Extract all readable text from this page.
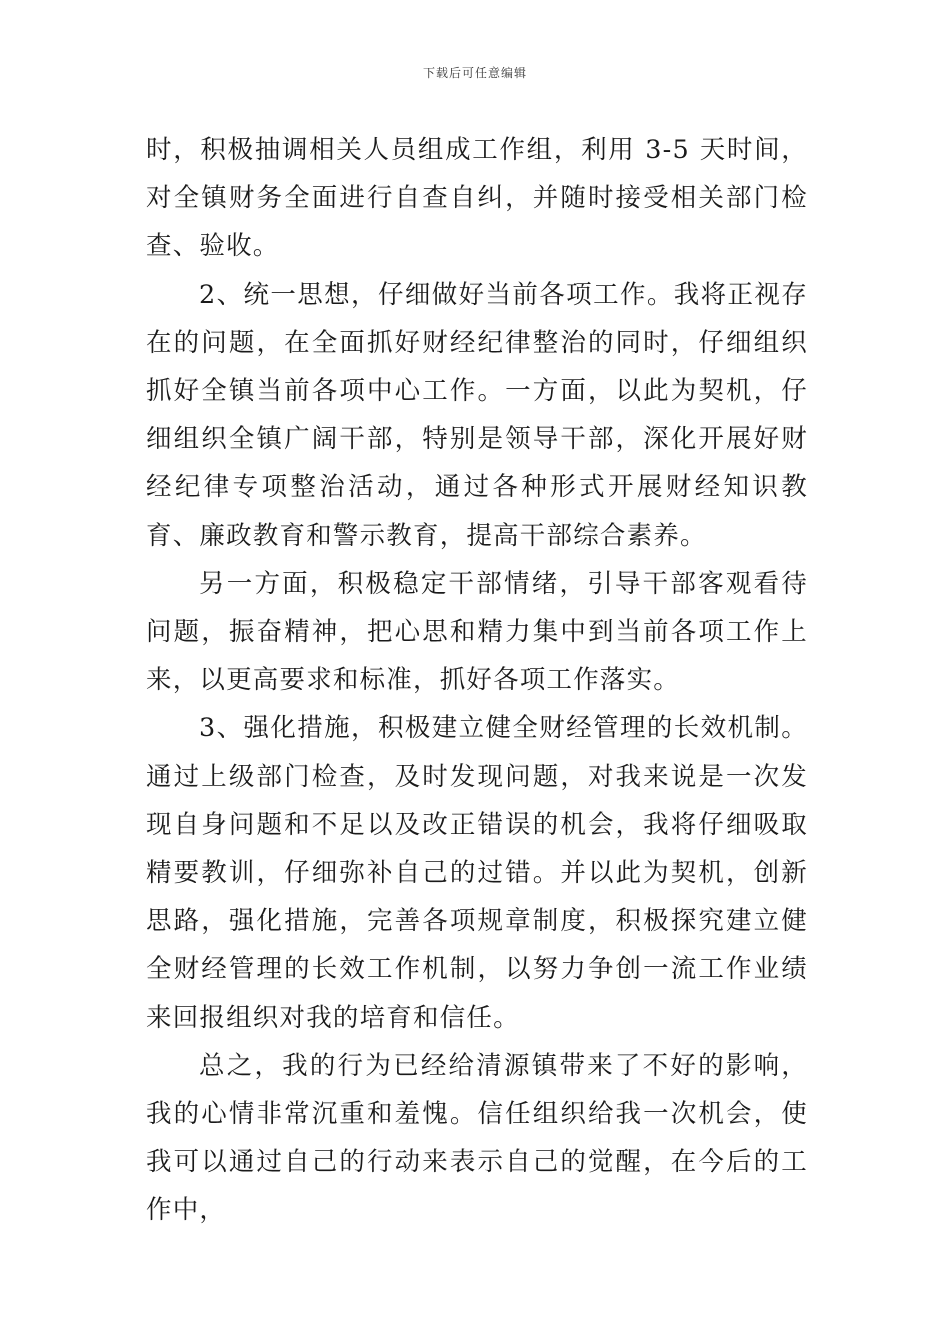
下载后可任意编辑

时，积极抽调相关人员组成工作组，利用 3-5 天时间，对全镇财务全面进行自查自纠，并随时接受相关部门检查、验收。

2、统一思想，仔细做好当前各项工作。我将正视存在的问题，在全面抓好财经纪律整治的同时，仔细组织抓好全镇当前各项中心工作。一方面，以此为契机，仔细组织全镇广阔干部，特别是领导干部，深化开展好财经纪律专项整治活动，通过各种形式开展财经知识教育、廉政教育和警示教育，提高干部综合素养。

另一方面，积极稳定干部情绪，引导干部客观看待问题，振奋精神，把心思和精力集中到当前各项工作上来，以更高要求和标准，抓好各项工作落实。

3、强化措施，积极建立健全财经管理的长效机制。通过上级部门检查，及时发现问题，对我来说是一次发现自身问题和不足以及改正错误的机会，我将仔细吸取精要教训，仔细弥补自己的过错。并以此为契机，创新思路，强化措施，完善各项规章制度，积极探究建立健全财经管理的长效工作机制，以努力争创一流工作业绩来回报组织对我的培育和信任。

总之，我的行为已经给清源镇带来了不好的影响，我的心情非常沉重和羞愧。信任组织给我一次机会，使我可以通过自己的行动来表示自己的觉醒，在今后的工作中，
